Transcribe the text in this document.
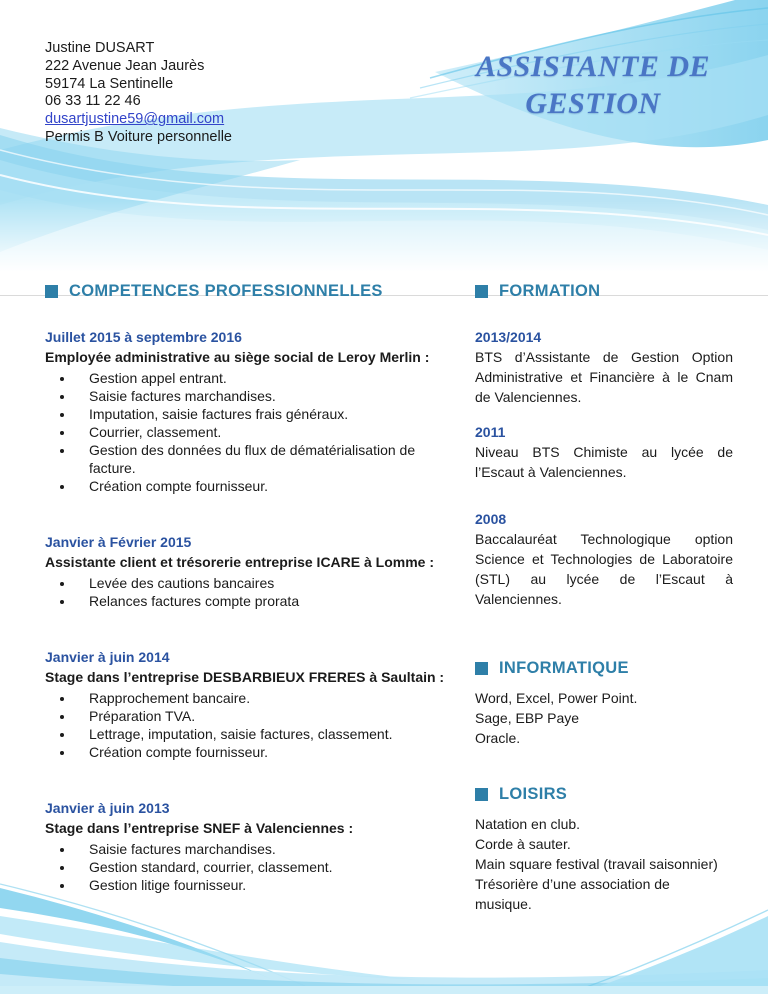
Justine DUSART
222 Avenue Jean Jaurès
59174 La Sentinelle
06 33 11 22 46
dusartjustine59@gmail.com
Permis B Voiture personnelle
ASSISTANTE DE
GESTION
COMPETENCES PROFESSIONNELLES
Juillet 2015 à septembre 2016
Employée administrative au siège social de Leroy Merlin :
• Gestion appel entrant.
• Saisie factures marchandises.
• Imputation, saisie factures frais généraux.
• Courrier, classement.
• Gestion des données du flux de dématérialisation de facture.
• Création compte fournisseur.
Janvier à Février 2015
Assistante client et trésorerie entreprise ICARE à Lomme :
• Levée des cautions bancaires
• Relances factures compte prorata
Janvier à juin 2014
Stage dans l’entreprise DESBARBIEUX FRERES à Saultain :
• Rapprochement bancaire.
• Préparation TVA.
• Lettrage, imputation, saisie factures, classement.
• Création compte fournisseur.
Janvier à juin 2013
Stage dans l’entreprise SNEF à Valenciennes :
• Saisie factures marchandises.
• Gestion standard, courrier, classement.
• Gestion litige fournisseur.
FORMATION
2013/2014
BTS d’Assistante de Gestion Option Administrative et Financière à le Cnam de Valenciennes.
2011
Niveau BTS Chimiste au lycée de l’Escaut à Valenciennes.
2008
Baccalauréat Technologique option Science et Technologies de Laboratoire (STL) au lycée de l’Escaut à Valenciennes.
INFORMATIQUE
Word, Excel, Power Point.
Sage, EBP Paye
Oracle.
LOISIRS
Natation en club.
Corde à sauter.
Main square festival (travail saisonnier)
Trésorière d’une association de
musique.
